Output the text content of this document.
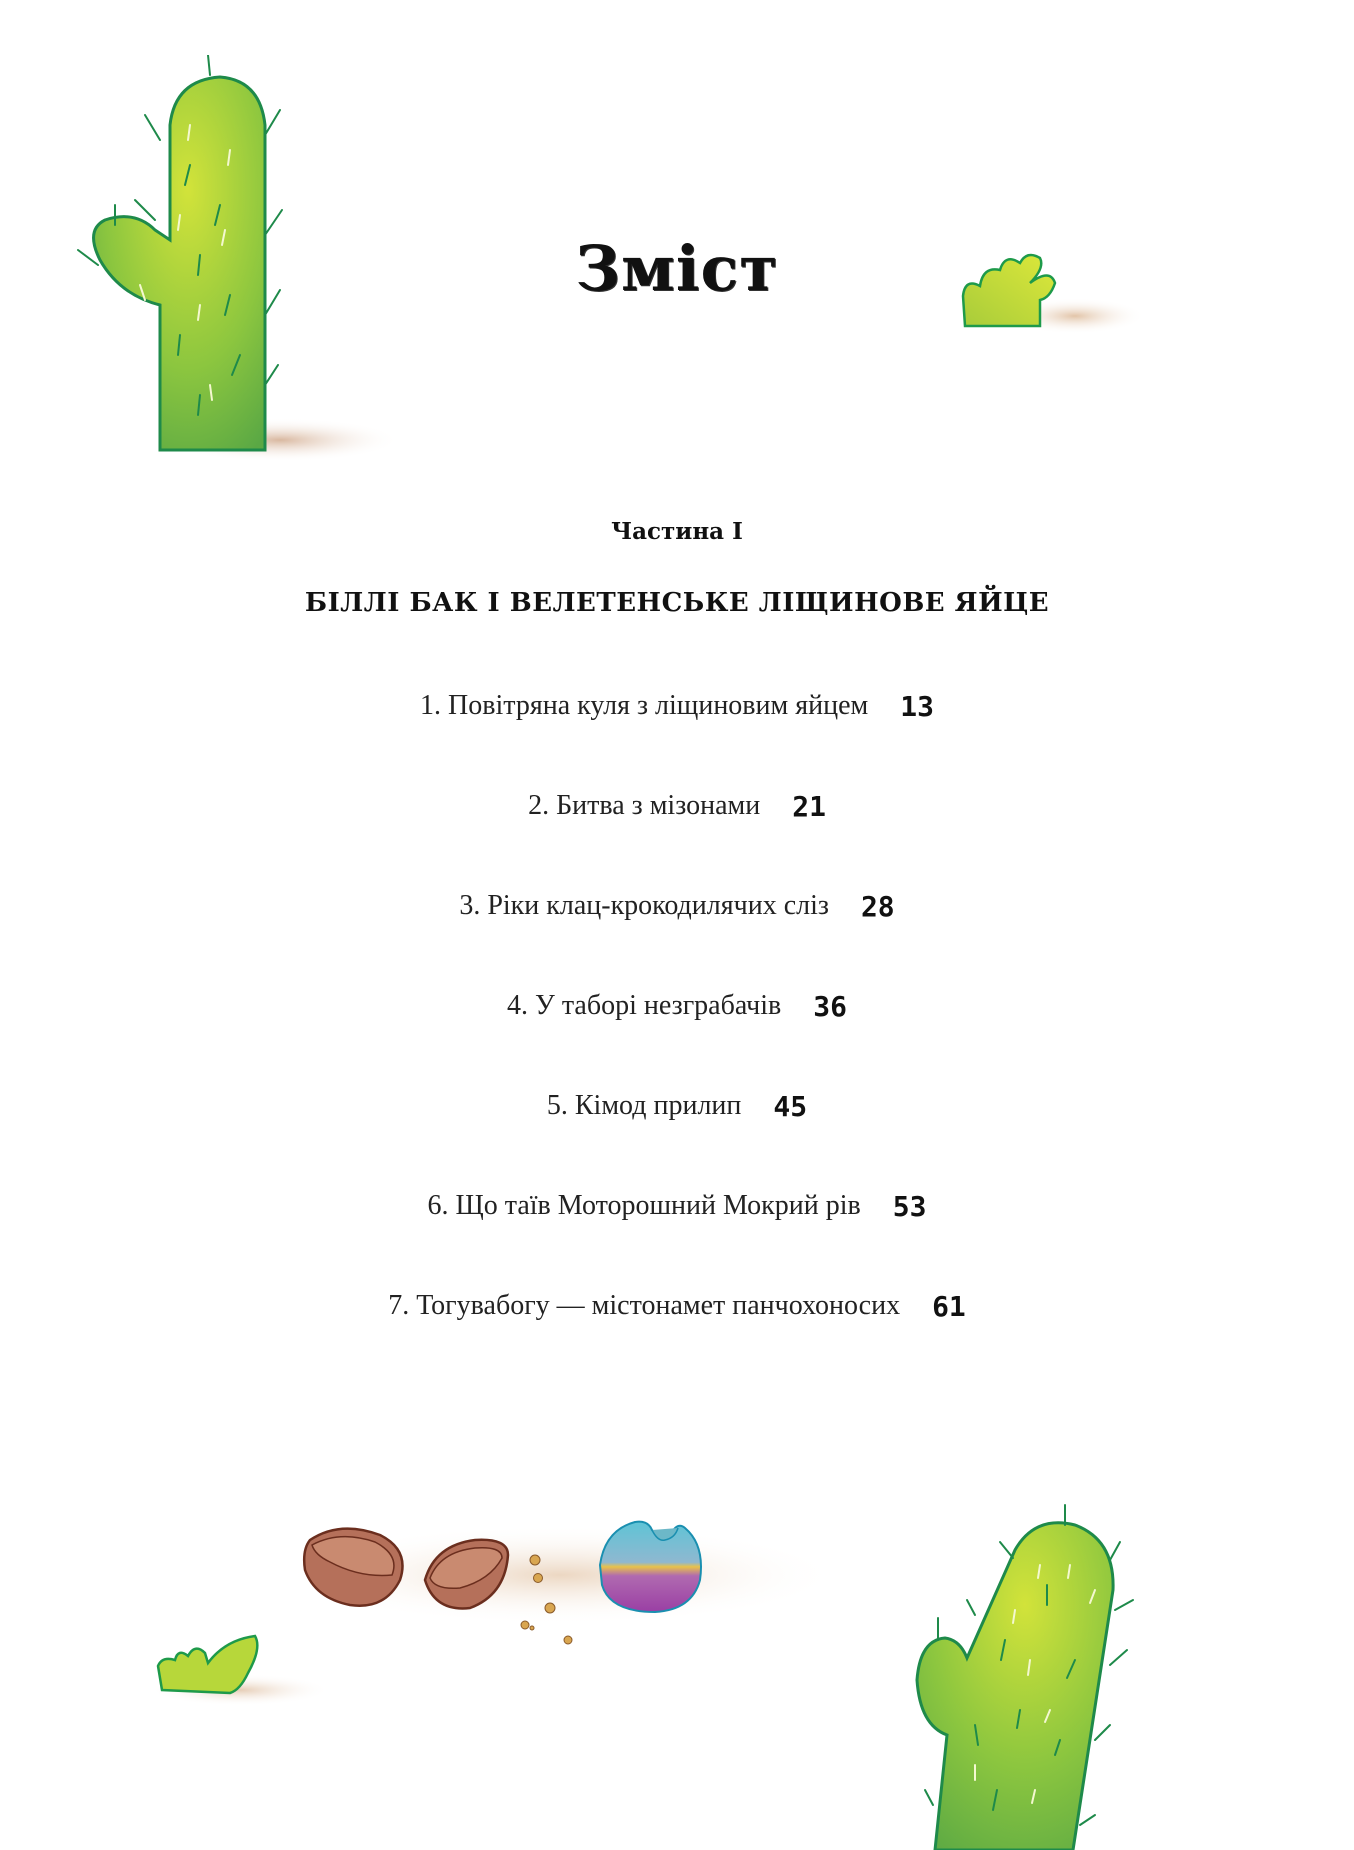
Зміст
Частина І
БІЛЛІ БАК І ВЕЛЕТЕНСЬКЕ ЛІЩИНОВЕ ЯЙЦЕ
1. Повітряна куля з ліщиновим яйцем 13
2. Битва з мізонами 21
3. Ріки клац-крокодилячих сліз 28
4. У таборі незграбачів 36
5. Кімод прилип 45
6. Що таїв Моторошний Мокрий рів 53
7. Тогувабогу — містонамет панчохоносих 61
